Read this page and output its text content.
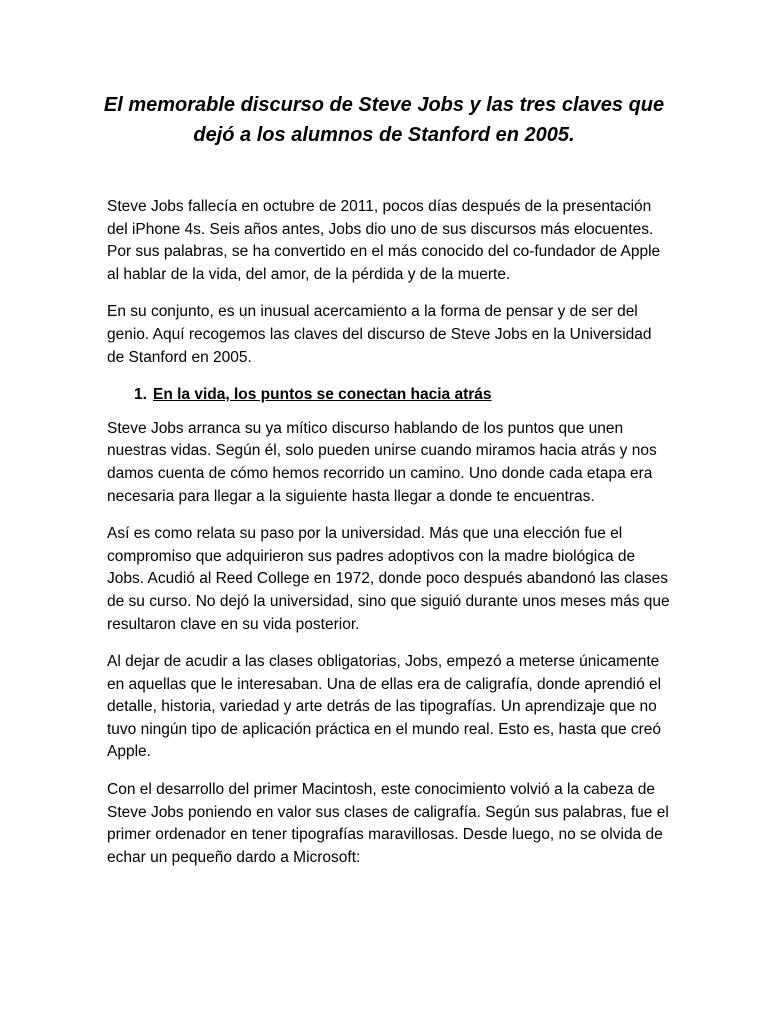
El memorable discurso de Steve Jobs y las tres claves que dejó a los alumnos de Stanford en 2005.

Steve Jobs fallecía en octubre de 2011, pocos días después de la presentación del iPhone 4s. Seis años antes, Jobs dio uno de sus discursos más elocuentes. Por sus palabras, se ha convertido en el más conocido del co-fundador de Apple al hablar de la vida, del amor, de la pérdida y de la muerte.

En su conjunto, es un inusual acercamiento a la forma de pensar y de ser del genio. Aquí recogemos las claves del discurso de Steve Jobs en la Universidad de Stanford en 2005.

1. En la vida, los puntos se conectan hacia atrás

Steve Jobs arranca su ya mítico discurso hablando de los puntos que unen nuestras vidas. Según él, solo pueden unirse cuando miramos hacia atrás y nos damos cuenta de cómo hemos recorrido un camino. Uno donde cada etapa era necesaria para llegar a la siguiente hasta llegar a donde te encuentras.

Así es como relata su paso por la universidad. Más que una elección fue el compromiso que adquirieron sus padres adoptivos con la madre biológica de Jobs. Acudió al Reed College en 1972, donde poco después abandonó las clases de su curso. No dejó la universidad, sino que siguió durante unos meses más que resultaron clave en su vida posterior.

Al dejar de acudir a las clases obligatorias, Jobs, empezó a meterse únicamente en aquellas que le interesaban. Una de ellas era de caligrafía, donde aprendió el detalle, historia, variedad y arte detrás de las tipografías. Un aprendizaje que no tuvo ningún tipo de aplicación práctica en el mundo real. Esto es, hasta que creó Apple.

Con el desarrollo del primer Macintosh, este conocimiento volvió a la cabeza de Steve Jobs poniendo en valor sus clases de caligrafía. Según sus palabras, fue el primer ordenador en tener tipografías maravillosas. Desde luego, no se olvida de echar un pequeño dardo a Microsoft:
